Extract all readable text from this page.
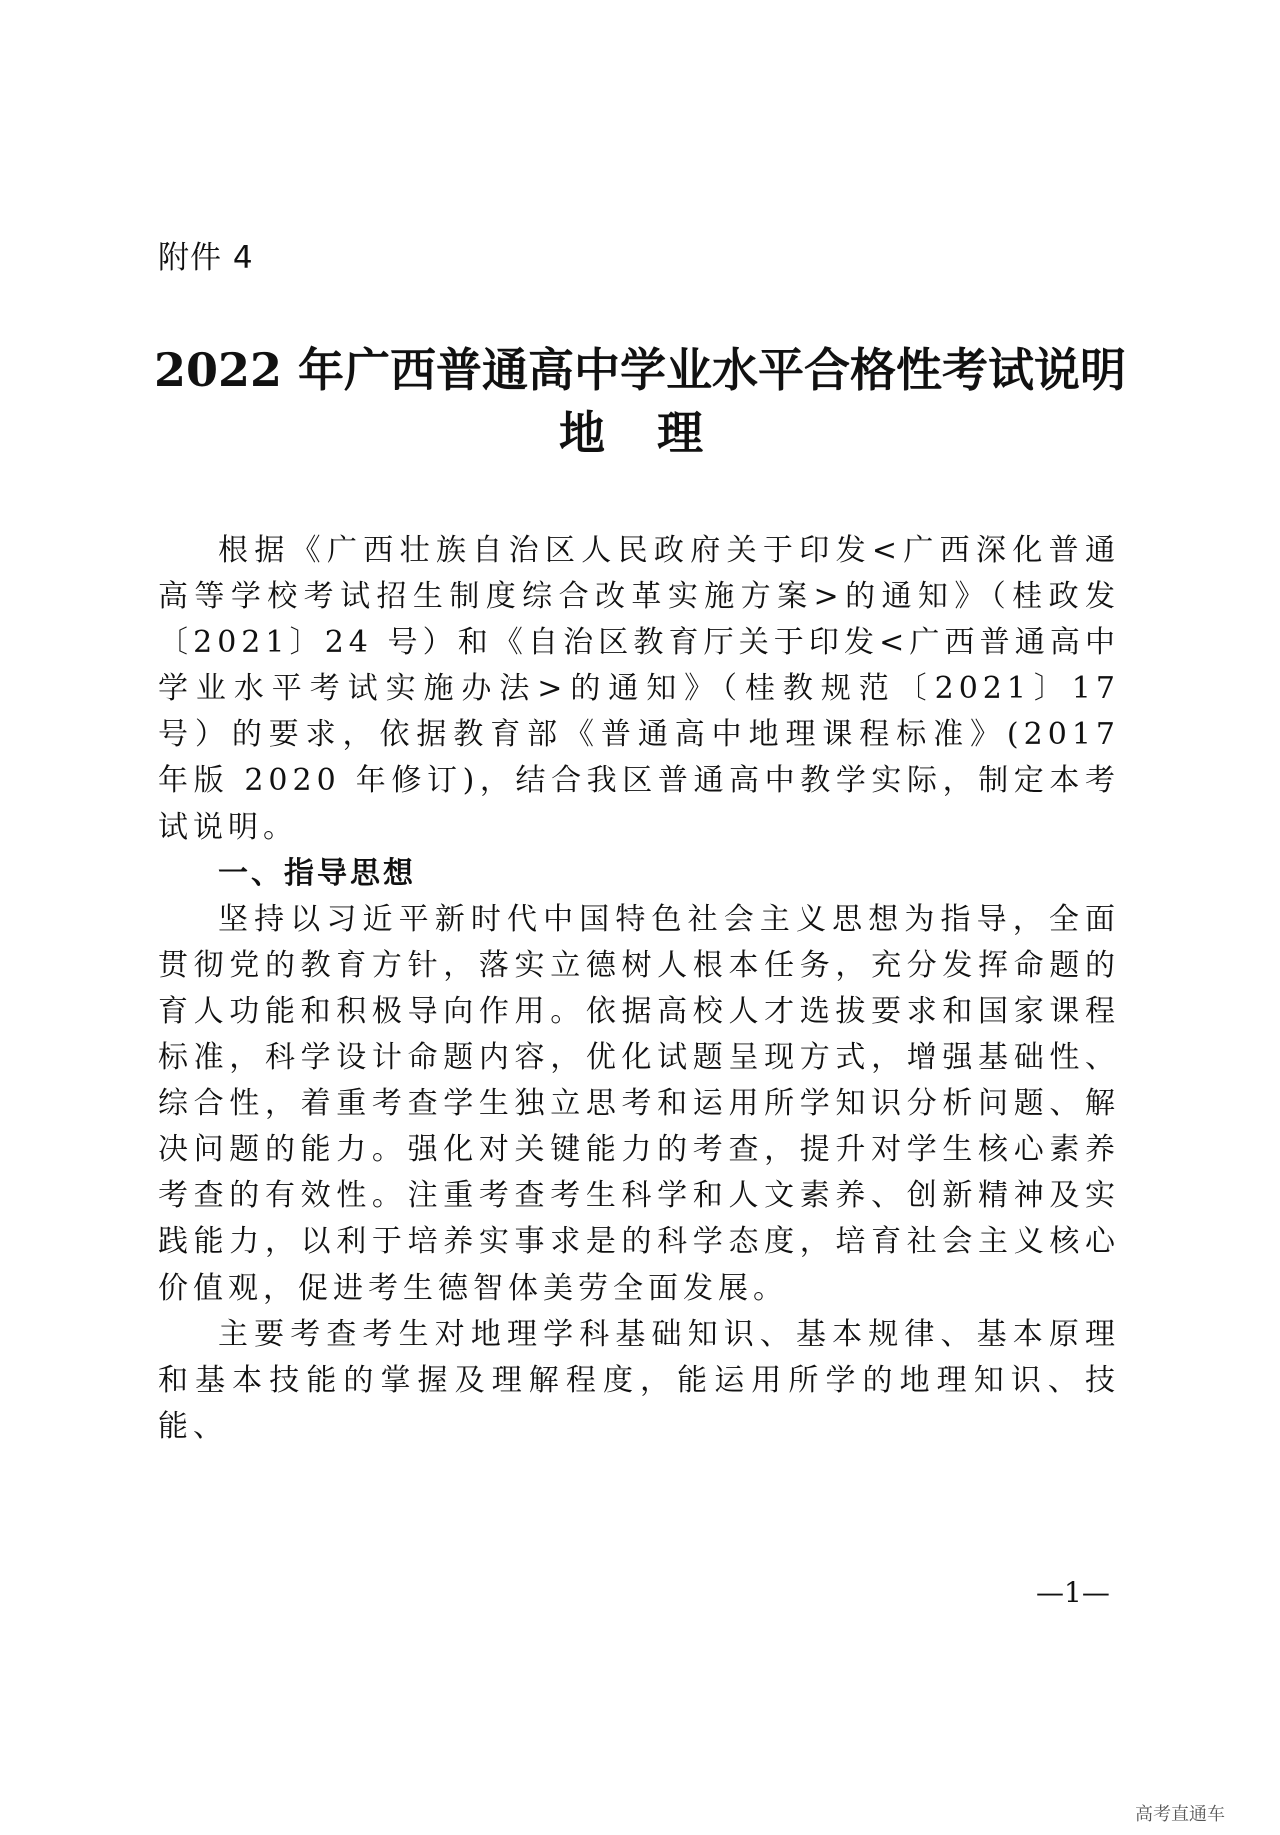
附件 4
2022 年广西普通高中学业水平合格性考试说明
地 理

根据《广西壮族自治区人民政府关于印发<广西深化普通高等学校考试招生制度综合改革实施方案>的通知》（桂政发〔2021〕24 号）和《自治区教育厅关于印发<广西普通高中学业水平考试实施办法>的通知》（桂教规范〔2021〕17 号）的要求，依据教育部《普通高中地理课程标准》(2017 年版 2020 年修订)，结合我区普通高中教学实际，制定本考试说明。

一、指导思想

坚持以习近平新时代中国特色社会主义思想为指导，全面贯彻党的教育方针，落实立德树人根本任务，充分发挥命题的育人功能和积极导向作用。依据高校人才选拔要求和国家课程标准，科学设计命题内容，优化试题呈现方式，增强基础性、综合性，着重考查学生独立思考和运用所学知识分析问题、解决问题的能力。强化对关键能力的考查，提升对学生核心素养考查的有效性。注重考查考生科学和人文素养、创新精神及实践能力，以利于培养实事求是的科学态度，培育社会主义核心价值观，促进考生德智体美劳全面发展。

主要考查考生对地理学科基础知识、基本规律、基本原理和基本技能的掌握及理解程度，能运用所学的地理知识、技能、

—1—
高考直通车
